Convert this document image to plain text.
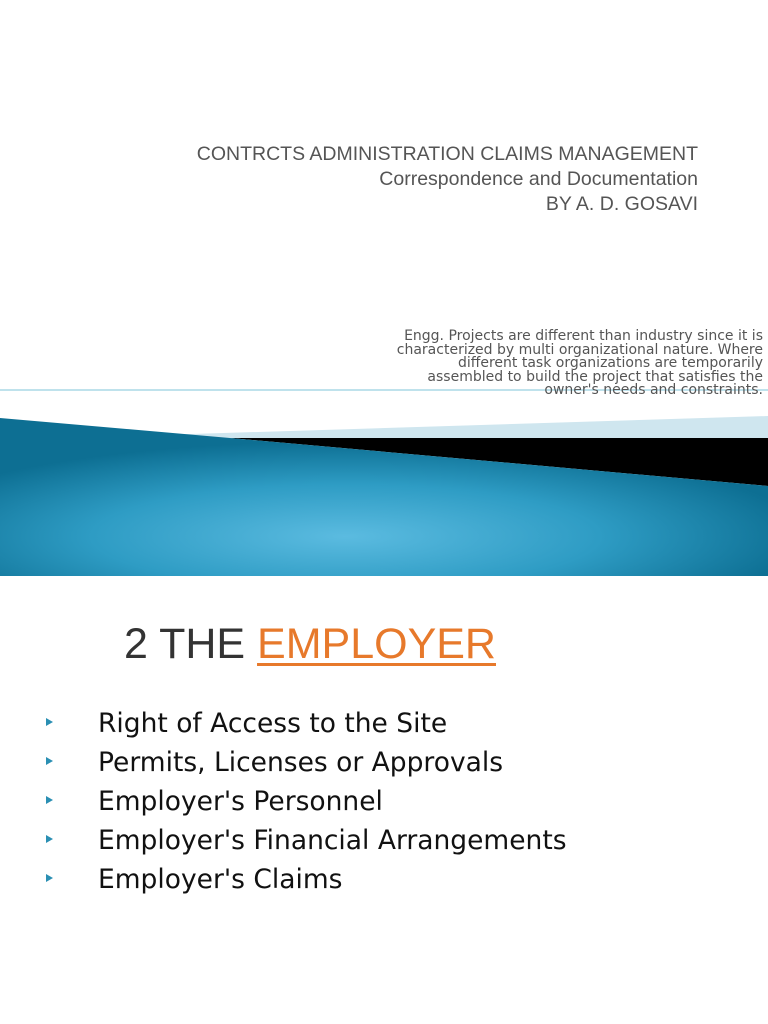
CONTRCTS ADMINISTRATION CLAIMS MANAGEMENT
Correspondence and Documentation
BY A. D. GOSAVI
Engg. Projects are different than industry since it is characterized by multi organizational nature. Where different task organizations are temporarily assembled to build the project that satisfies the owner's needs and constraints.
2 THE EMPLOYER
Right of Access to the Site
Permits, Licenses or Approvals
Employer's Personnel
Employer's Financial Arrangements
Employer's Claims
